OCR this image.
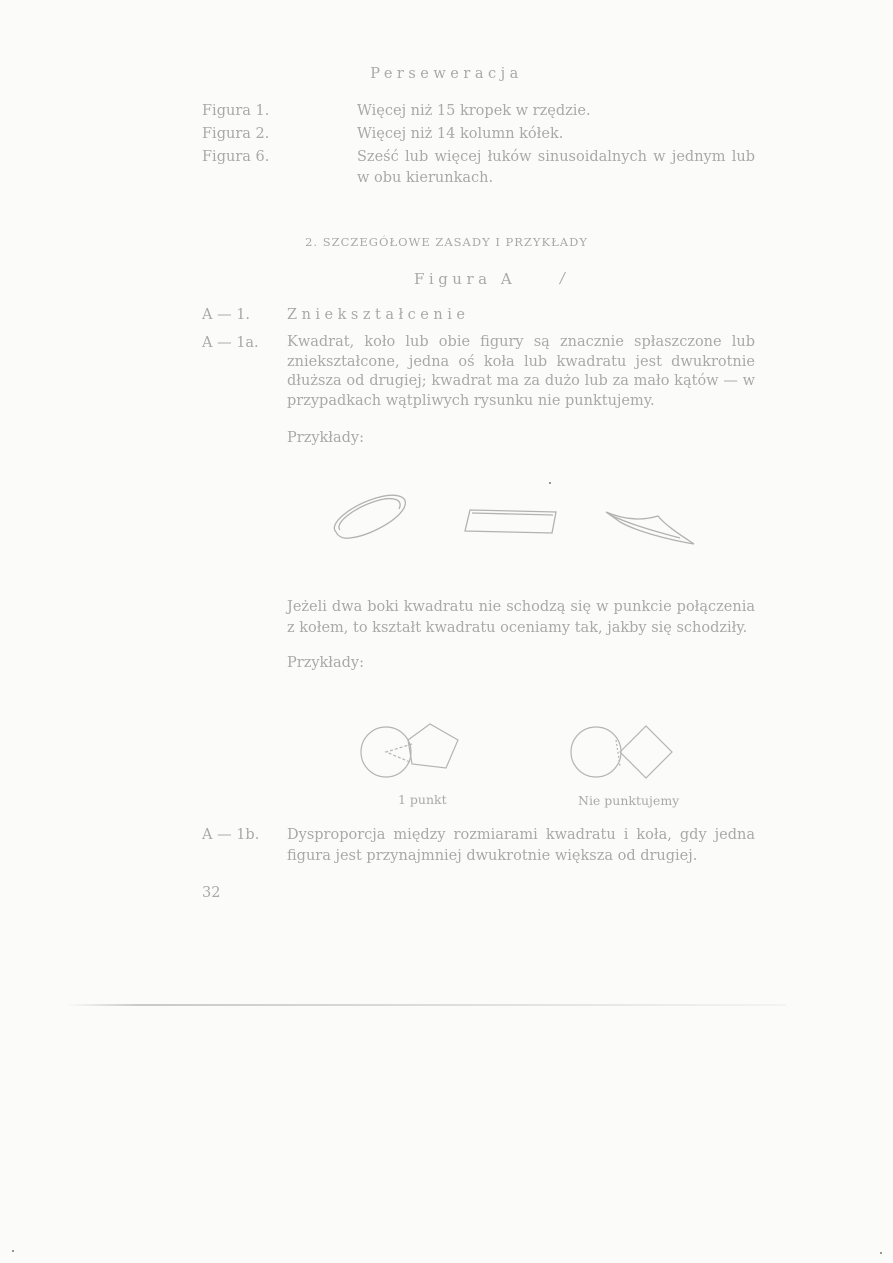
Perseweracja
Figura 1.	Więcej niż 15 kropek w rzędzie.
Figura 2.	Więcej niż 14 kolumn kółek.
Figura 6.	Sześć lub więcej łuków sinusoidalnych w jednym lub w obu kierunkach.
2. SZCZEGÓŁOWE ZASADY I PRZYKŁADY
Figura A	/
A — 1.	Zniekształcenie
A — 1a. Kwadrat, koło lub obie figury są znacznie spłaszczone lub zniekształcone, jedna oś koła lub kwadratu jest dwukrotnie dłuższa od drugiej; kwadrat ma za dużo lub za mało kątów — w przypadkach wątpliwych rysunku nie punktujemy.
Przykłady:
Jeżeli dwa boki kwadratu nie schodzą się w punkcie połączenia z kołem, to kształt kwadratu oceniamy tak, jakby się schodziły.
Przykłady:
1 punkt	Nie punktujemy
A — 1b. Dysproporcja między rozmiarami kwadratu i koła, gdy jedna figura jest przynajmniej dwukrotnie większa od drugiej.
32
